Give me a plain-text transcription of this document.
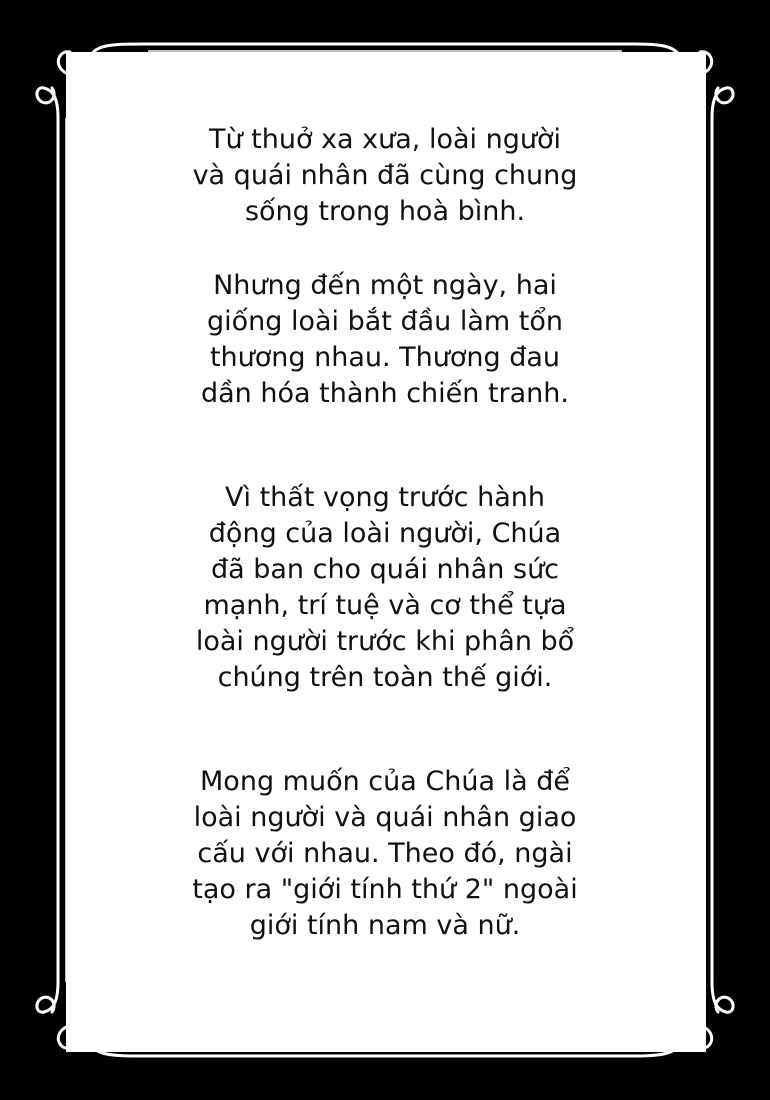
Từ thuở xa xưa, loài người
và quái nhân đã cùng chung
sống trong hoà bình.

Nhưng đến một ngày, hai
giống loài bắt đầu làm tổn
thương nhau. Thương đau
dần hóa thành chiến tranh.

Vì thất vọng trước hành
động của loài người, Chúa
đã ban cho quái nhân sức
mạnh, trí tuệ và cơ thể tựa
loài người trước khi phân bổ
chúng trên toàn thế giới.

Mong muốn của Chúa là để
loài người và quái nhân giao
cấu với nhau. Theo đó, ngài
tạo ra "giới tính thứ 2" ngoài
giới tính nam và nữ.
